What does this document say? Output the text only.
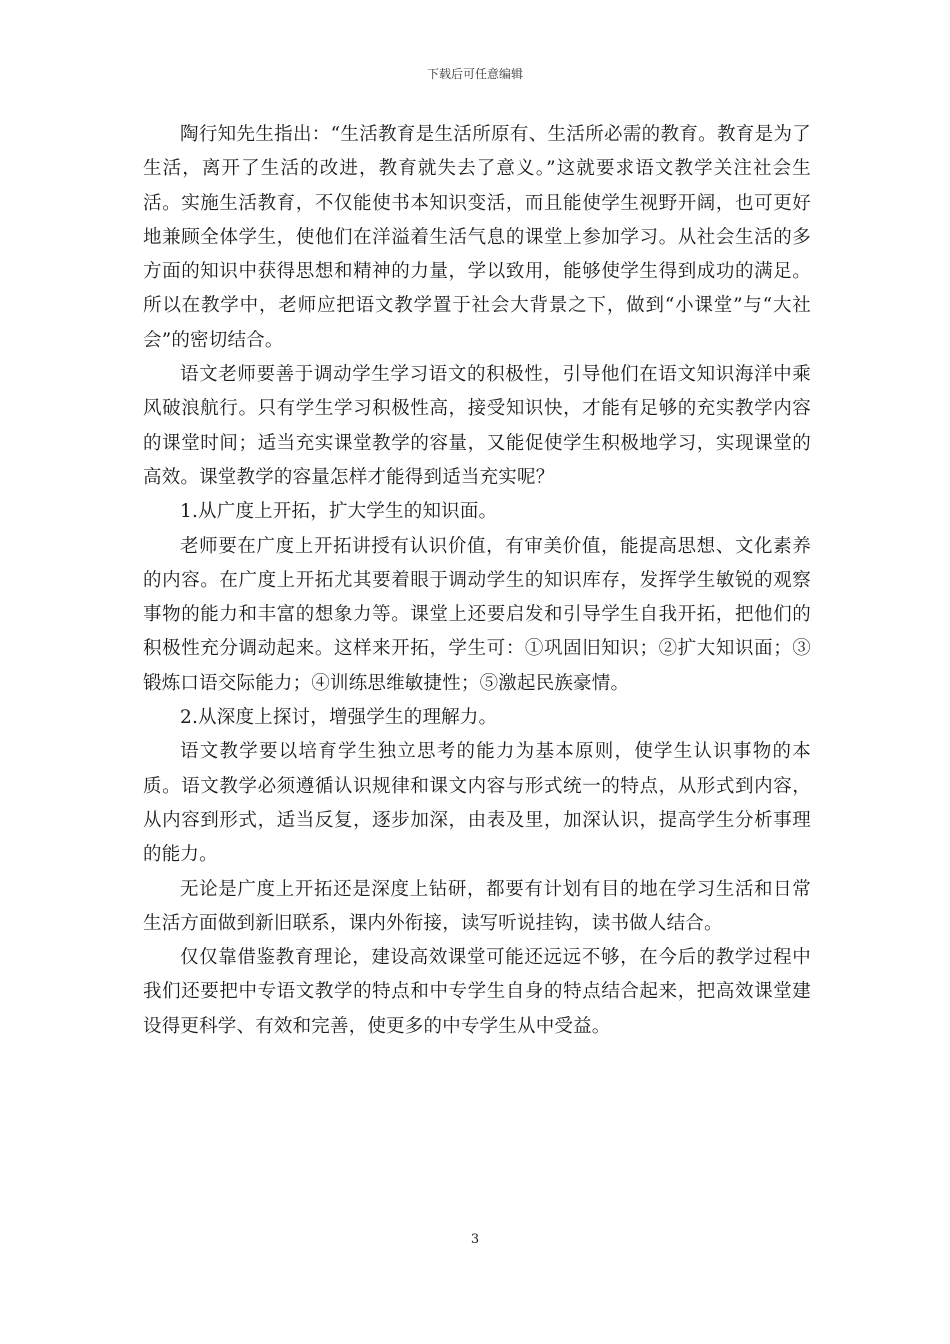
下载后可任意编辑

陶行知先生指出：“生活教育是生活所原有、生活所必需的教育。教育是为了生活，离开了生活的改进，教育就失去了意义。”这就要求语文教学关注社会生活。实施生活教育，不仅能使书本知识变活，而且能使学生视野开阔，也可更好地兼顾全体学生，使他们在洋溢着生活气息的课堂上参加学习。从社会生活的多方面的知识中获得思想和精神的力量，学以致用，能够使学生得到成功的满足。所以在教学中，老师应把语文教学置于社会大背景之下，做到“小课堂”与“大社会”的密切结合。

语文老师要善于调动学生学习语文的积极性，引导他们在语文知识海洋中乘风破浪航行。只有学生学习积极性高，接受知识快，才能有足够的充实教学内容的课堂时间；适当充实课堂教学的容量，又能促使学生积极地学习，实现课堂的高效。课堂教学的容量怎样才能得到适当充实呢？

1.从广度上开拓，扩大学生的知识面。

老师要在广度上开拓讲授有认识价值，有审美价值，能提高思想、文化素养的内容。在广度上开拓尤其要着眼于调动学生的知识库存，发挥学生敏锐的观察事物的能力和丰富的想象力等。课堂上还要启发和引导学生自我开拓，把他们的积极性充分调动起来。这样来开拓，学生可：①巩固旧知识；②扩大知识面；③锻炼口语交际能力；④训练思维敏捷性；⑤激起民族豪情。

2.从深度上探讨，增强学生的理解力。

语文教学要以培育学生独立思考的能力为基本原则，使学生认识事物的本质。语文教学必须遵循认识规律和课文内容与形式统一的特点，从形式到内容，从内容到形式，适当反复，逐步加深，由表及里，加深认识，提高学生分析事理的能力。

无论是广度上开拓还是深度上钻研，都要有计划有目的地在学习生活和日常生活方面做到新旧联系，课内外衔接，读写听说挂钩，读书做人结合。

仅仅靠借鉴教育理论，建设高效课堂可能还远远不够，在今后的教学过程中我们还要把中专语文教学的特点和中专学生自身的特点结合起来，把高效课堂建设得更科学、有效和完善，使更多的中专学生从中受益。

3
